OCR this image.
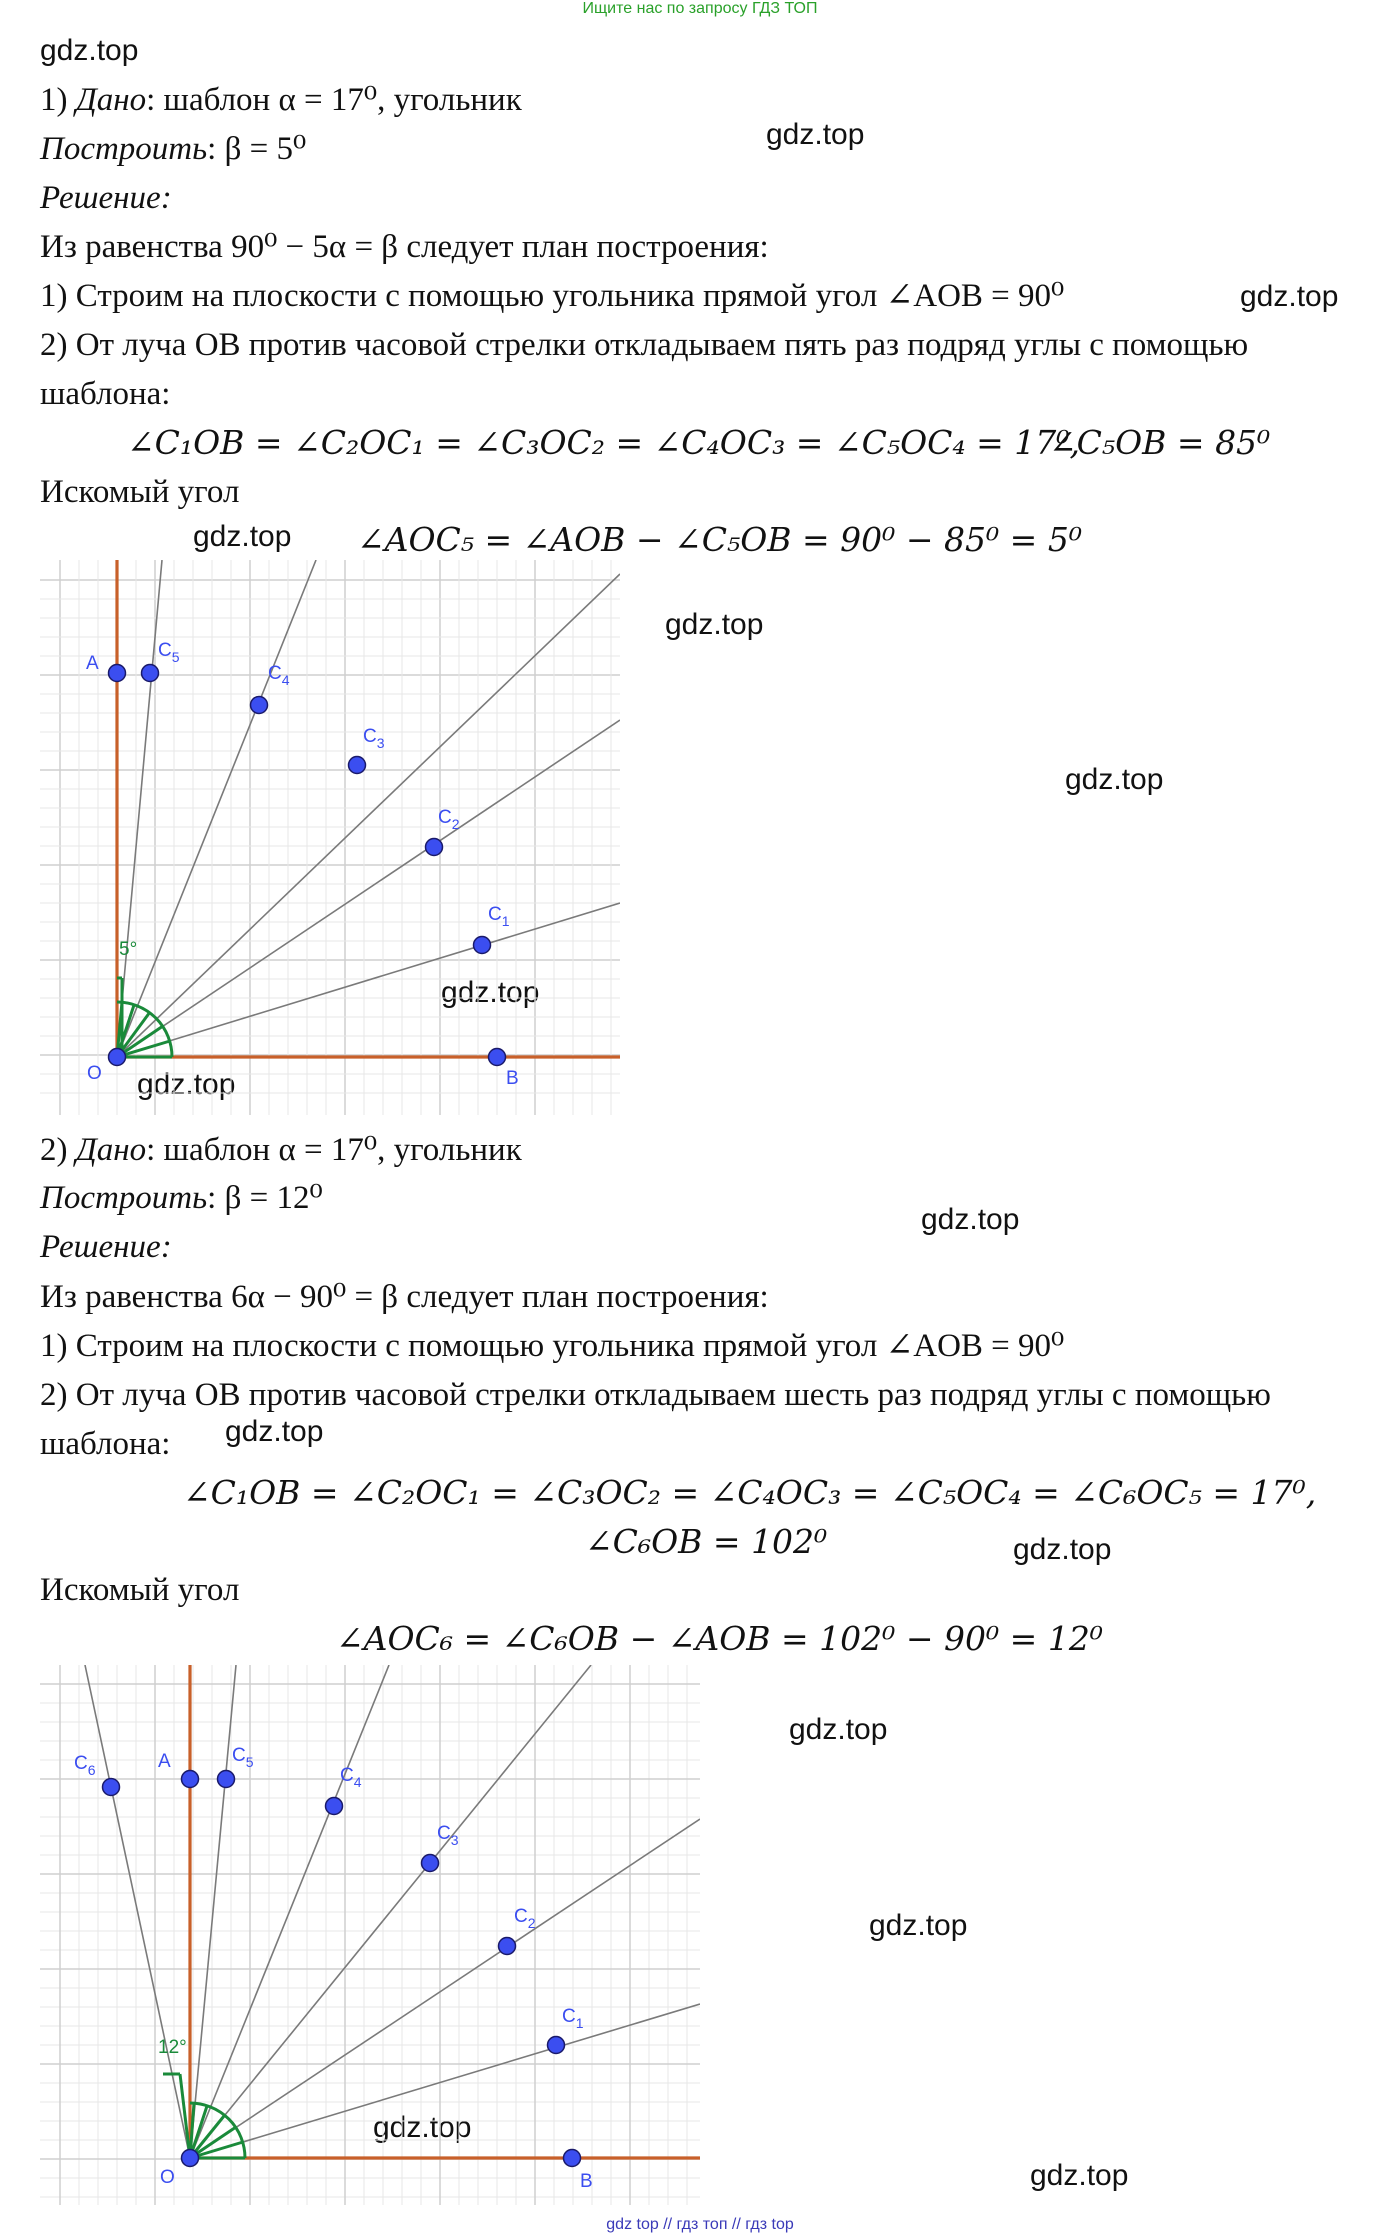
Ищите нас по запросу ГДЗ ТОП
gdz top // гдз топ // гдз top
gdz.top
gdz.top
gdz.top
gdz.top
gdz.top
gdz.top
gdz.top
gdz.top
gdz.top
gdz.top
gdz.top
gdz.top
gdz.top
gdz.top
gdz.top
1) Дано: шаблон α = 17⁰, угольник
Построить: β = 5⁰
Решение:
Из равенства 90⁰ − 5α = β следует план построения:
1) Строим на плоскости с помощью угольника прямой угол ∠AOB = 90⁰
2) От луча OB против часовой стрелки откладываем пять раз подряд углы с помощью
шаблона:
∠C₁OB = ∠C₂OC₁ = ∠C₃OC₂ = ∠C₄OC₃ = ∠C₅OC₄ = 17⁰,
∠C₅OB = 85⁰
Искомый угол
∠AOC₅ = ∠AOB − ∠C₅OB = 90⁰ − 85⁰ = 5⁰
5°
A
$C_5$
$C_4$
$C_3$
$C_2$
$C_1$
O	B
2) Дано: шаблон α = 17⁰, угольник
Построить: β = 12⁰
Решение:
Из равенства 6α − 90⁰ = β следует план построения:
1) Строим на плоскости с помощью угольника прямой угол ∠AOB = 90⁰
2) От луча OB против часовой стрелки откладываем шесть раз подряд углы с помощью
шаблона:
∠C₁OB = ∠C₂OC₁ = ∠C₃OC₂ = ∠C₄OC₃ = ∠C₅OC₄ = ∠C₆OC₅ = 17⁰,
∠C₆OB = 102⁰
Искомый угол
∠AOC₆ = ∠C₆OB − ∠AOB = 102⁰ − 90⁰ = 12⁰
12°
A
$C_6$
$C_5$
$C_4$
$C_3$
$C_2$
$C_1$
O	B
